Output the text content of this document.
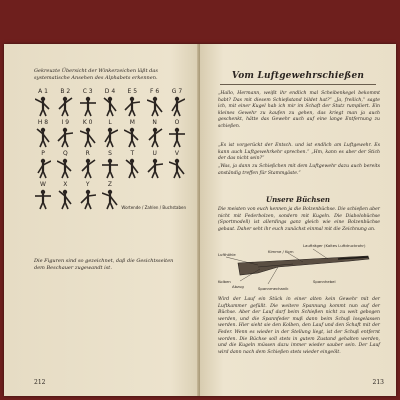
Gekreuzte Übersicht der Winkerzeichen läßt das systematische Ansehen des Alphabets erkennen.
A 1	B 2	C 3	D 4	E 5	F 6	G 7
H 8	I 9	K 0	L	M	N	O
P	Q	R	S	T	U	V
W	X	Y	Z
Wortende / Zahlen / Buchstaben
Die Figuren sind so gezeichnet, daß die Gesichtsseiten dem Beschauer zugewandt ist.
212
Vom Luftgewehrschießen
„Hallo, Hermann, weißt ihr endlich mal Scheibenkegel bekommt habt? Das mit diesem Schießstand bildet hat?“ „Ja, freilich,“ sagte ich, mit einer Kugel hab ich mir im Schaft der Stutz rumpliert. Ein kleines Gewehr zu kaufen zu gehen, das kriegt man ja auch geschenkt, hätte das Gewehr auch auf eine lange Entfernung zu schießen.
„Es ist vorgerückt der Entsch. und ist endlich am Luftgewehr. Es kann auch Luftgewehrkehr sprechen.“ „Hm, kann es aber der Stich der das nicht sein?“
„Was, ja dann zu Schießchen mit dem Luftgewehr dazu auch bereits anständig treffen für Stammgäste.“
Unsere Büchsen
Die meisten von euch kennen ja die Bolzenbüchse. Die schießen aber nicht mit Federbolzen, sondern mit Kugeln. Die Diabolobüchse (Sportmodell) ist allerdings ganz gleich wie eine Bolzenbüchse gebaut. Daher seht ihr euch zunächst einmal mit die Zeichnung an.
Laufträger (Kaltes Luftdruckrohr)
Kimme / Korn
Lufthöhle
Kolben
Abzug	Spannmechanik
Spannhebel
Wird der Lauf ein Stück in einer alten kein Gewehr mit der Luftkammer gefüllt. Die weitere Spannung kommt nun auf der Büchse. Aber der Lauf darf beim Schießen nicht zu weit gebogen werden, und die Spannfeder muß dann beim Schuß losgelassen werden. Hier sieht sie den Kolben, den Lauf und den Schaft mit der Feder. Wenn es wieder in der Stellung liegt, ist der Schuß entfernt worden. Die Büchse soll stets in gutem Zustand gehalten werden, und die Kugeln müssen dazu immer wieder sauber sein. Der Lauf wird dann nach dem Schießen stets wieder eingeölt.
213
